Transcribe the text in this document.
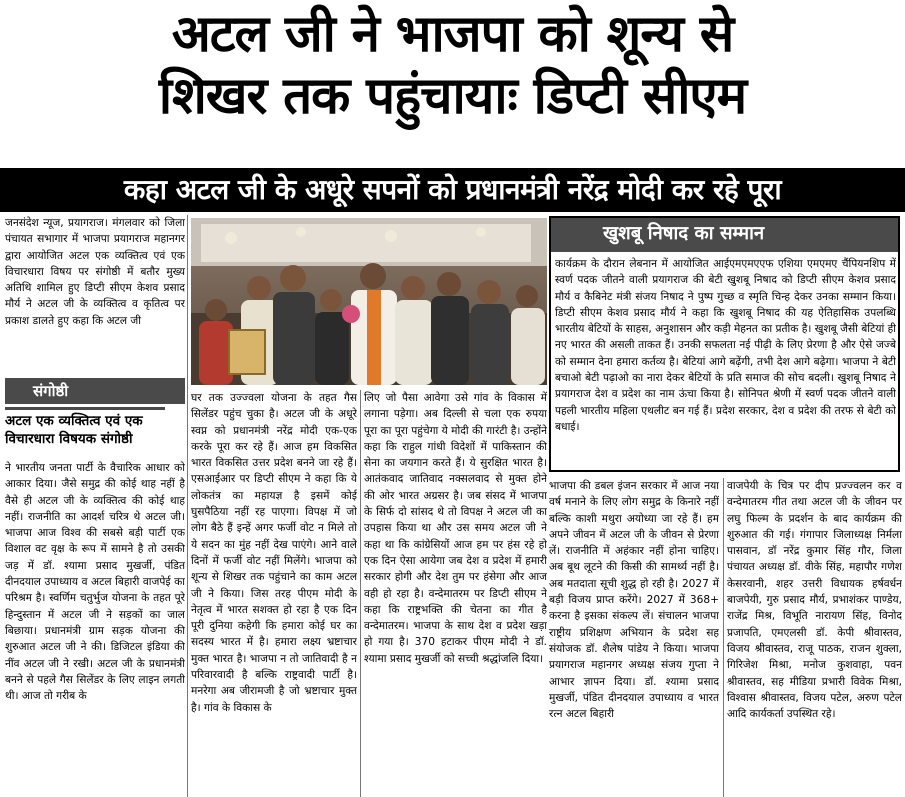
अटल जी ने भाजपा को शून्य से
शिखर तक पहुंचायाः डिप्टी सीएम
कहा अटल जी के अधूरे सपनों को प्रधानमंत्री नरेंद्र मोदी कर रहे पूरा
जनसंदेश न्यूज, प्रयागराज। मंगलवार को जिला पंचायत सभागार में भाजपा प्रयागराज महानगर द्वारा आयोजित अटल एक व्यक्तित्व एवं एक विचारधारा विषय पर संगोष्ठी में बतौर मुख्य अतिथि शामिल हुए डिप्टी सीएम केशव प्रसाद मौर्य ने अटल जी के व्यक्तित्व व कृतित्व पर प्रकाश डालते हुए कहा कि अटल जी
संगोष्ठी
अटल एक व्यक्तित्व एवं एक
विचारधारा विषयक संगोष्ठी
ने भारतीय जनता पार्टी के वैचारिक आधार को आकार दिया। जैसे समुद्र की कोई थाह नहीं है वैसे ही अटल जी के व्यक्तित्व की कोई थाह नहीं। राजनीति का आदर्श चरित्र थे अटल जी। भाजपा आज विश्व की सबसे बड़ी पार्टी एक विशाल वट वृक्ष के रूप में सामने है तो उसकी जड़ में डॉ. श्यामा प्रसाद मुखर्जी, पंडित दीनदयाल उपाध्याय व अटल बिहारी वाजपेई का परिश्रम है। स्वर्णिम चतुर्भुज योजना के तहत पूरे हिन्दुस्तान में अटल जी ने सड़कों का जाल बिछाया। प्रधानमंत्री ग्राम सड़क योजना की शुरुआत अटल जी ने की। डिजिटल इंडिया की नींव अटल जी ने रखी। अटल जी के प्रधानमंत्री बनने से पहले गैस सिलेंडर के लिए लाइन लगती थी। आज तो गरीब के
घर तक उज्ज्वला योजना के तहत गैस सिलेंडर पहुंच चुका है। अटल जी के अधूरे स्वप्न को प्रधानमंत्री नरेंद्र मोदी एक-एक करके पूरा कर रहे हैं। आज हम विकसित भारत विकसित उत्तर प्रदेश बनने जा रहे हैं। एसआईआर पर डिप्टी सीएम ने कहा कि ये लोकतंत्र का महायज्ञ है इसमें कोई घुसपैठिया नहीं रह पाएगा। विपक्ष में जो लोग बैठे हैं इन्हें अगर फर्जी वोट न मिले तो ये सदन का मुंह नहीं देख पाएंगे। आने वाले दिनों में फर्जी वोट नहीं मिलेंगे। भाजपा को शून्य से शिखर तक पहुंचाने का काम अटल जी ने किया। जिस तरह पीएम मोदी के नेतृत्व में भारत सशक्त हो रहा है एक दिन पूरी दुनिया कहेगी कि हमारा कोई घर का सदस्य भारत में है। हमारा लक्ष्य भ्रष्टाचार मुक्त भारत है। भाजपा न तो जातिवादी है न परिवारवादी है बल्कि राष्ट्रवादी पार्टी है। मनरेगा अब जीरामजी है जो भ्रष्टाचार मुक्त है। गांव के विकास के
लिए जो पैसा आवेगा उसे गांव के विकास में लगाना पड़ेगा। अब दिल्ली से चला एक रुपया पूरा का पूरा पहुंचेगा ये मोदी की गारंटी है। उन्होंने कहा कि राहुल गांधी विदेशों में पाकिस्तान की सेना का जयगान करते हैं। ये सुरक्षित भारत है। आतंकवाद जातिवाद नक्सलवाद से मुक्त होने की ओर भारत अग्रसर है। जब संसद में भाजपा के सिर्फ दो सांसद थे तो विपक्ष ने अटल जी का उपहास किया था और उस समय अटल जी ने कहा था कि कांग्रेसियों आज हम पर हंस रहे हो एक दिन ऐसा आयेगा जब देश व प्रदेश में हमारी सरकार होगी और देश तुम पर हंसेगा और आज वही हो रहा है। वन्देमातरम पर डिप्टी सीएम ने कहा कि राष्ट्रभक्ति की चेतना का गीत है वन्देमातरम। भाजपा के साथ देश व प्रदेश खड़ा हो गया है। 370 हटाकर पीएम मोदी ने डॉ. श्यामा प्रसाद मुखर्जी को सच्ची श्रद्धांजलि दिया।
खुशबू निषाद का सम्मान
कार्यक्रम के दौरान लेबनान में आयोजित आईएमएमएएफ एशिया एमएमए चैंपियनशिप में स्वर्ण पदक जीतने वाली प्रयागराज की बेटी खुशबू निषाद को डिप्टी सीएम केशव प्रसाद मौर्य व कैबिनेट मंत्री संजय निषाद ने पुष्प गुच्छ व स्मृति चिन्ह देकर उनका सम्मान किया। डिप्टी सीएम केशव प्रसाद मौर्य ने कहा कि खुशबू निषाद की यह ऐतिहासिक उपलब्धि भारतीय बेटियों के साहस, अनुशासन और कड़ी मेहनत का प्रतीक है। खुशबू जैसी बेटियां ही नए भारत की असली ताकत हैं। उनकी सफलता नई पीढ़ी के लिए प्रेरणा है और ऐसे जज्बे को सम्मान देना हमारा कर्तव्य है। बेटियां आगे बढ़ेंगी, तभी देश आगे बढ़ेगा। भाजपा ने बेटी बचाओ बेटी पढ़ाओ का नारा देकर बेटियों के प्रति समाज की सोच बदली। खुशबू निषाद ने प्रयागराज देश व प्रदेश का नाम ऊंचा किया है। सोनिपत श्रेणी में स्वर्ण पदक जीतने वाली पहली भारतीय महिला एथलीट बन गई हैं। प्रदेश सरकार, देश व प्रदेश की तरफ से बेटी को बधाई।
भाजपा की डबल इंजन सरकार में आज नया वर्ष मनाने के लिए लोग समुद्र के किनारे नहीं बल्कि काशी मथुरा अयोध्या जा रहे हैं। हम अपने जीवन में अटल जी के जीवन से प्रेरणा लें। राजनीति में अहंकार नहीं होना चाहिए। अब बूथ लूटने की किसी की सामर्थ्य नहीं है। अब मतदाता सूची शुद्ध हो रही है। 2027 में बड़ी विजय प्राप्त करेंगे। 2027 में 368+ करना है इसका संकल्प लें। संचालन भाजपा राष्ट्रीय प्रशिक्षण अभियान के प्रदेश सह संयोजक डॉ. शैलेष पांडेय ने किया। भाजपा प्रयागराज महानगर अध्यक्ष संजय गुप्ता ने आभार ज्ञापन दिया। डॉ. श्यामा प्रसाद मुखर्जी, पंडित दीनदयाल उपाध्याय व भारत रत्न अटल बिहारी
वाजपेयी के चित्र पर दीप प्रज्ज्वलन कर व वन्देमातरम गीत तथा अटल जी के जीवन पर लघु फिल्म के प्रदर्शन के बाद कार्यक्रम की शुरुआत की गई। गंगापार जिलाध्यक्ष निर्मला पासवान, डॉ नरेंद्र कुमार सिंह गौर, जिला पंचायत अध्यक्ष डॉ. वीके सिंह, महापौर गणेश केसरवानी, शहर उत्तरी विधायक हर्षवर्धन बाजपेयी, गुरु प्रसाद मौर्य, प्रभाशंकर पाण्डेय, राजेंद्र मिश्र, विभूति नारायण सिंह, विनोद प्रजापति, एमएलसी डॉ. केपी श्रीवास्तव, विजय श्रीवास्तव, राजू पाठक, राजन शुक्ला, गिरिजेश मिश्रा, मनोज कुशवाहा, पवन श्रीवास्तव, सह मीडिया प्रभारी विवेक मिश्रा, विश्वास श्रीवास्तव, विजय पटेल, अरुण पटेल आदि कार्यकर्ता उपस्थित रहे।
